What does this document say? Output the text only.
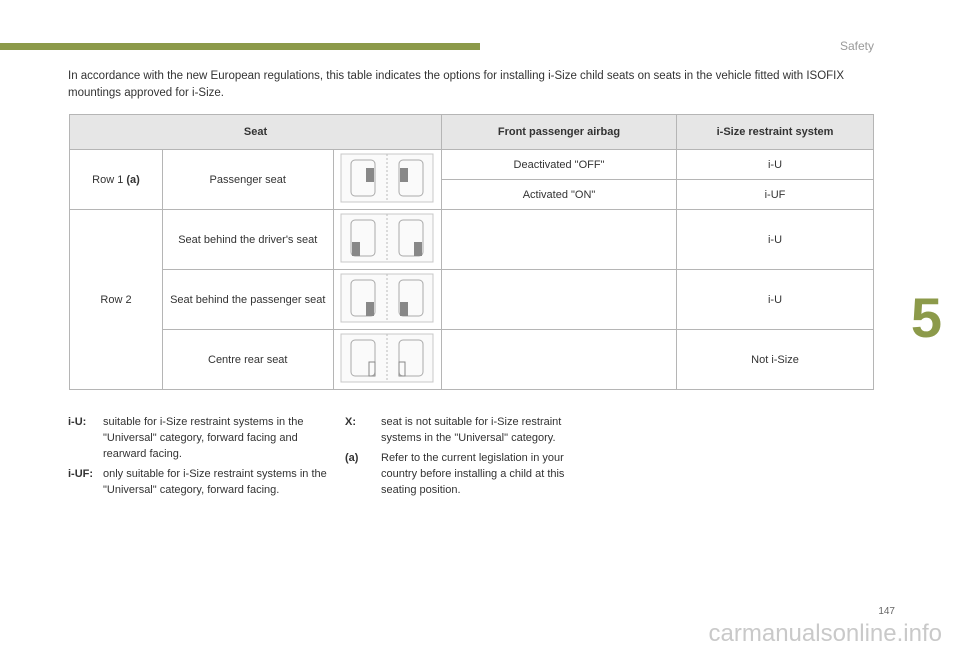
Safety
5
In accordance with the new European regulations, this table indicates the options for installing i-Size child seats on seats in the vehicle fitted with ISOFIX mountings approved for i-Size.
Seat			Front passenger airbag	i-Size restraint system
Row 1 (a)	Passenger seat		Deactivated "OFF"	i-U
			Activated "ON"	i-UF
Row 2	Seat behind the driver's seat			i-U
	Seat behind the passenger seat			i-U
	Centre rear seat			Not i-Size
i-U: suitable for i-Size restraint systems in the "Universal" category, forward facing and rearward facing.
i-UF: only suitable for i-Size restraint systems in the "Universal" category, forward facing.
X: seat is not suitable for i-Size restraint systems in the "Universal" category.
(a) Refer to the current legislation in your country before installing a child at this seating position.
147
carmanualsonline.info
